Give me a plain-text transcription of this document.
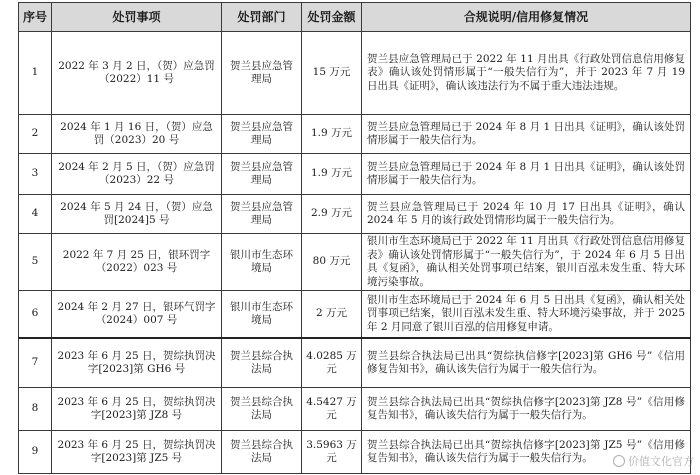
序号	处罚事项	处罚部门	处罚金额	合规说明/信用修复情况
1	2022 年 3 月 2 日，（贺）应急罚（2022）11 号	贺兰县应急管理局	15 万元	贺兰县应急管理局已于 2022 年 11 月出具《行政处罚信息信用修复表》确认该处罚情形属于“一般失信行为”，并于 2023 年 7 月 19 日出具《证明》，确认该违法行为不属于重大违法违规。
2	2024 年 1 月 16 日，（贺）应急罚（2023）20 号	贺兰县应急管理局	1.9 万元	贺兰县应急管理局已于 2024 年 8 月 1 日出具《证明》，确认该处罚情形属于一般失信行为。
3	2024 年 2 月 5 日，（贺）应急罚（2023）22 号	贺兰县应急管理局	1.9 万元	贺兰县应急管理局已于 2024 年 8 月 1 日出具《证明》，确认该处罚情形属于一般失信行为。
4	2024 年 5 月 24 日，（贺）应急罚[2024]5 号	贺兰县应急管理局	2.9 万元	贺兰县应急管理局已于 2024 年 10 月 17 日出具《证明》，确认 2024 年 5 月的该行政处罚情形均属于一般失信行为。
5	2022 年 7 月 25 日，银环罚字（2022）023 号	银川市生态环境局	80 万元	银川市生态环境局已于 2022 年 11 月出具《行政处罚信息信用修复表》确认该处罚情形属于“一般失信行为”，于 2024 年 6 月 5 日出具《复函》，确认相关处罚事项已结案，银川百泓未发生重、特大环境污染事故。
6	2024 年 2 月 27 日，银环气罚字（2024）007 号	银川市生态环境局	2 万元	银川市生态环境局已于 2024 年 6 月 5 日出具《复函》，确认相关处罚事项已结案，银川百泓未发生重、特大环境污染事故，并于 2025 年 2 月同意了银川百泓的信用修复申请。
7	2023 年 6 月 25 日，贺综执罚决字[2023]第 GH6 号	贺兰县综合执法局	4.0285 万元	贺兰县综合执法局已出具“贺综执信修字[2023]第 GH6 号”《信用修复告知书》，确认该失信行为属于一般失信行为。
8	2023 年 6 月 25 日，贺综执罚决字[2023]第 JZ8 号	贺兰县综合执法局	4.5427 万元	贺兰县综合执法局已出具“贺综执信修字[2023]第 JZ8 号”《信用修复告知书》，确认该失信行为属于一般失信行为。
9	2023 年 6 月 25 日，贺综执罚决字[2023]第 JZ5 号	贺兰县综合执法局	3.5963 万元	贺兰县综合执法局已出具“贺综执信修字[2023]第 JZ5 号”《信用修复告知书》，确认该失信行为属于一般失信行为。	价值文化官方
